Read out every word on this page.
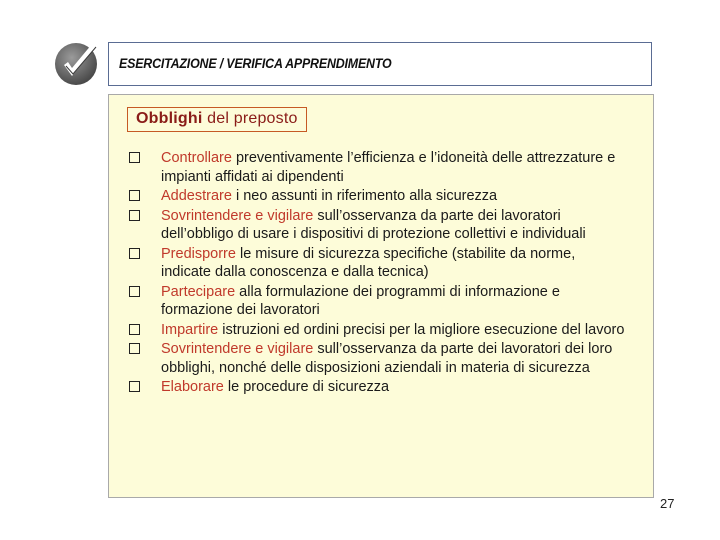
ESERCITAZIONE / VERIFICA APPRENDIMENTO
Obblighi del preposto
Controllare preventivamente l’efficienza e l’idoneità delle attrezzature e impianti affidati ai dipendenti
Addestrare i neo assunti in riferimento alla sicurezza
Sovrintendere e vigilare sull’osservanza da parte dei lavoratori dell’obbligo di usare i dispositivi di protezione collettivi e individuali
Predisporre le misure di sicurezza specifiche (stabilite da norme, indicate dalla conoscenza e dalla tecnica)
Partecipare alla formulazione dei programmi di informazione e formazione dei lavoratori
Impartire istruzioni ed ordini precisi per la migliore esecuzione del lavoro
Sovrintendere e vigilare sull’osservanza da parte dei lavoratori dei loro obblighi, nonché delle disposizioni aziendali in materia di sicurezza
Elaborare le procedure di sicurezza
27
